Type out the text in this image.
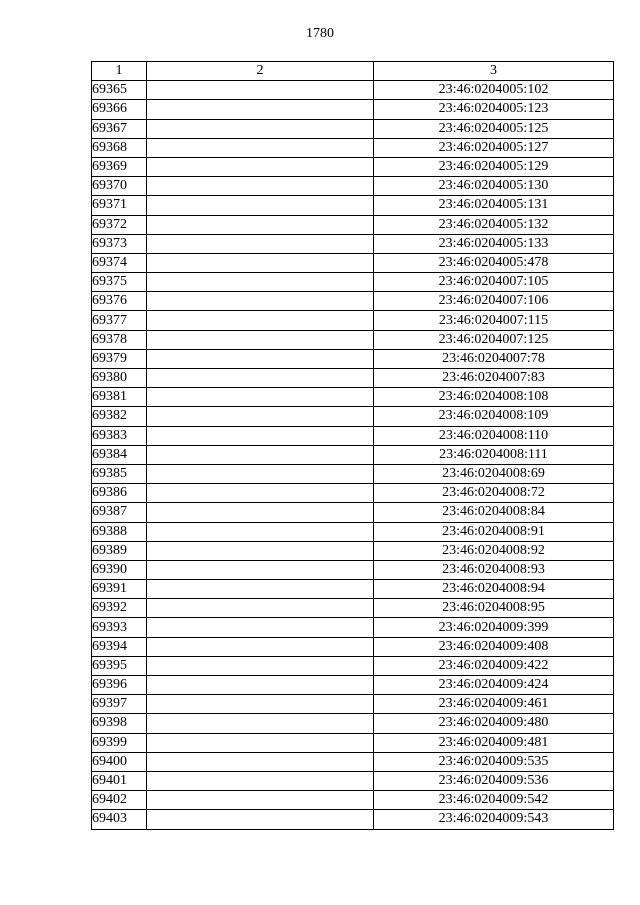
1780
1	2	3
69365		23:46:0204005:102
69366		23:46:0204005:123
69367		23:46:0204005:125
69368		23:46:0204005:127
69369		23:46:0204005:129
69370		23:46:0204005:130
69371		23:46:0204005:131
69372		23:46:0204005:132
69373		23:46:0204005:133
69374		23:46:0204005:478
69375		23:46:0204007:105
69376		23:46:0204007:106
69377		23:46:0204007:115
69378		23:46:0204007:125
69379		23:46:0204007:78
69380		23:46:0204007:83
69381		23:46:0204008:108
69382		23:46:0204008:109
69383		23:46:0204008:110
69384		23:46:0204008:111
69385		23:46:0204008:69
69386		23:46:0204008:72
69387		23:46:0204008:84
69388		23:46:0204008:91
69389		23:46:0204008:92
69390		23:46:0204008:93
69391		23:46:0204008:94
69392		23:46:0204008:95
69393		23:46:0204009:399
69394		23:46:0204009:408
69395		23:46:0204009:422
69396		23:46:0204009:424
69397		23:46:0204009:461
69398		23:46:0204009:480
69399		23:46:0204009:481
69400		23:46:0204009:535
69401		23:46:0204009:536
69402		23:46:0204009:542
69403		23:46:0204009:543
